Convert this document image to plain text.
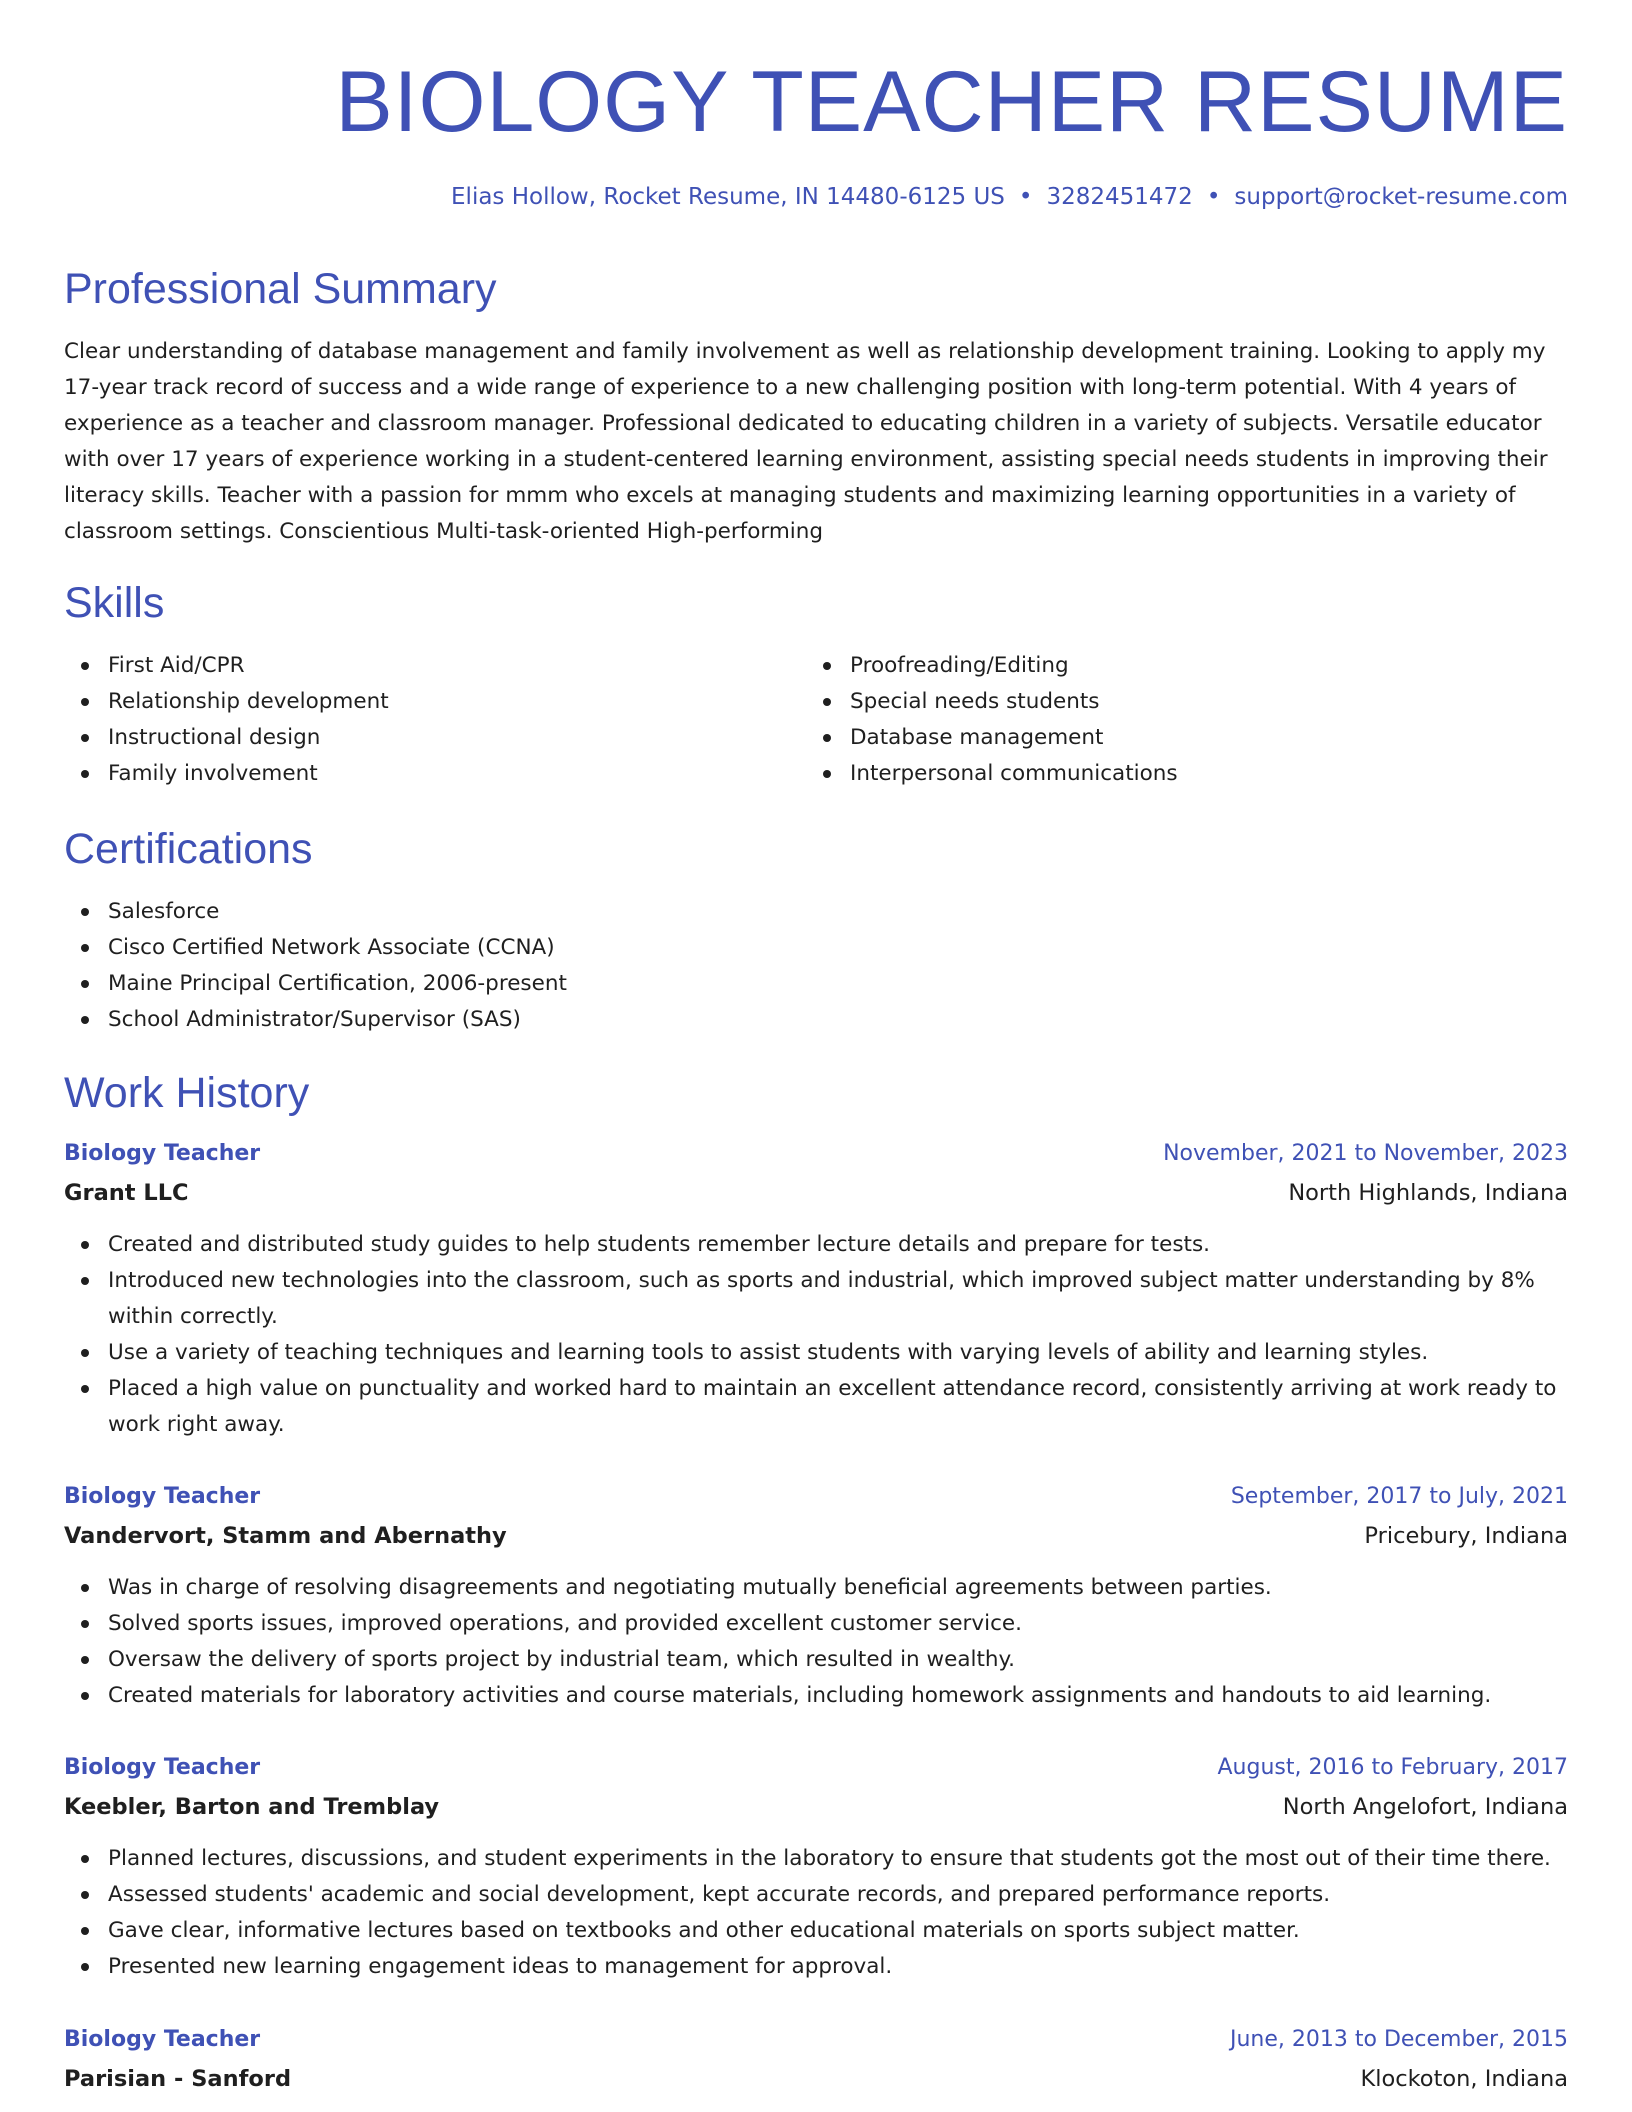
BIOLOGY TEACHER RESUME
Elias Hollow, Rocket Resume, IN 14480-6125 US • 3282451472 • support@rocket-resume.com
Professional Summary

Clear understanding of database management and family involvement as well as relationship development training. Looking to apply my 17-year track record of success and a wide range of experience to a new challenging position with long-term potential. With 4 years of experience as a teacher and classroom manager. Professional dedicated to educating children in a variety of subjects. Versatile educator with over 17 years of experience working in a student-centered learning environment, assisting special needs students in improving their literacy skills. Teacher with a passion for mmm who excels at managing students and maximizing learning opportunities in a variety of classroom settings. Conscientious Multi-task-oriented High-performing

Skills
First Aid/CPR
Relationship development
Instructional design
Family involvement
Proofreading/Editing
Special needs students
Database management
Interpersonal communications
Certifications
Salesforce
Cisco Certified Network Associate (CCNA)
Maine Principal Certification, 2006-present
School Administrator/Supervisor (SAS)
Work History
Biology Teacher	November, 2021 to November, 2023
Grant LLC	North Highlands, Indiana
Created and distributed study guides to help students remember lecture details and prepare for tests.
Introduced new technologies into the classroom, such as sports and industrial, which improved subject matter understanding by 8% within correctly.
Use a variety of teaching techniques and learning tools to assist students with varying levels of ability and learning styles.
Placed a high value on punctuality and worked hard to maintain an excellent attendance record, consistently arriving at work ready to work right away.
Biology Teacher	September, 2017 to July, 2021
Vandervort, Stamm and Abernathy	Pricebury, Indiana
Was in charge of resolving disagreements and negotiating mutually beneficial agreements between parties.
Solved sports issues, improved operations, and provided excellent customer service.
Oversaw the delivery of sports project by industrial team, which resulted in wealthy.
Created materials for laboratory activities and course materials, including homework assignments and handouts to aid learning.
Biology Teacher	August, 2016 to February, 2017
Keebler, Barton and Tremblay	North Angelofort, Indiana
Planned lectures, discussions, and student experiments in the laboratory to ensure that students got the most out of their time there.
Assessed students' academic and social development, kept accurate records, and prepared performance reports.
Gave clear, informative lectures based on textbooks and other educational materials on sports subject matter.
Presented new learning engagement ideas to management for approval.
Biology Teacher	June, 2013 to December, 2015
Parisian - Sanford	Klockoton, Indiana
